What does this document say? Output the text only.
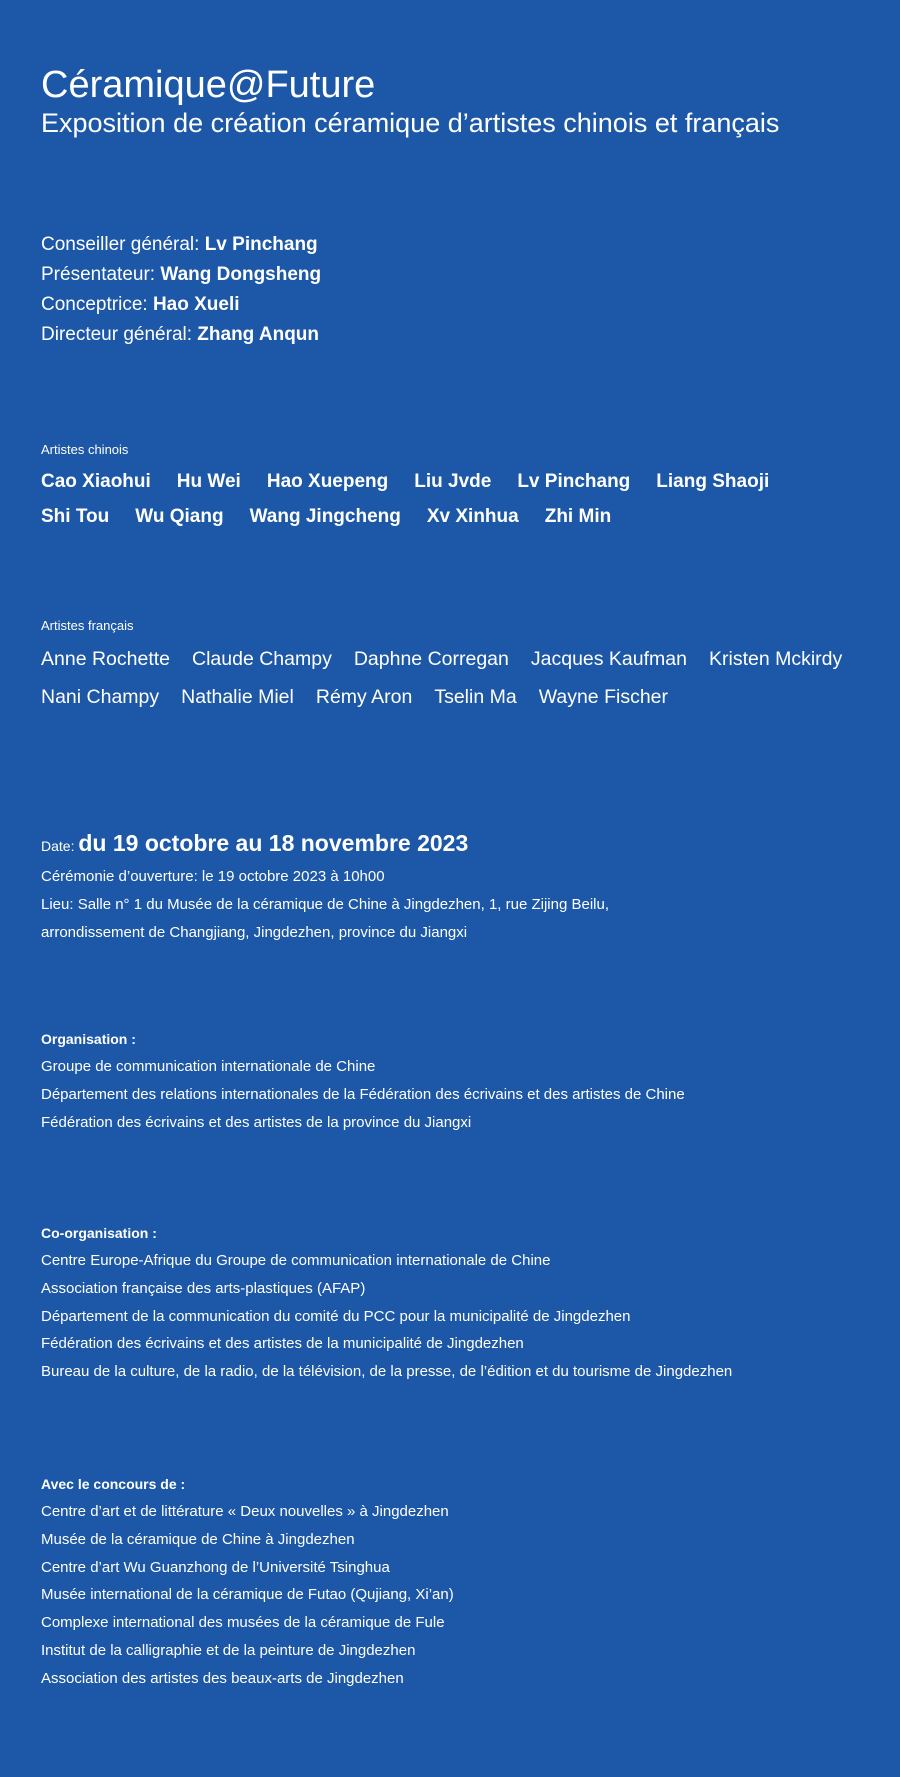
Céramique@Future
Exposition de création céramique d’artistes chinois et français
Conseiller général: Lv Pinchang
Présentateur: Wang Dongsheng
Conceptrice: Hao Xueli
Directeur général: Zhang Anqun
Artistes chinois
Cao Xiaohui Hu Wei Hao Xuepeng Liu Jvde Lv Pinchang Liang Shaoji
Shi Tou Wu Qiang Wang Jingcheng Xv Xinhua Zhi Min
Artistes français
Anne Rochette Claude Champy Daphne Corregan Jacques Kaufman Kristen Mckirdy
Nani Champy Nathalie Miel Rémy Aron Tselin Ma Wayne Fischer
Date: du 19 octobre au 18 novembre 2023
Cérémonie d’ouverture: le 19 octobre 2023 à 10h00
Lieu: Salle n° 1 du Musée de la céramique de Chine à Jingdezhen, 1, rue Zijing Beilu,
arrondissement de Changjiang, Jingdezhen, province du Jiangxi
Organisation :
Groupe de communication internationale de Chine
Département des relations internationales de la Fédération des écrivains et des artistes de Chine
Fédération des écrivains et des artistes de la province du Jiangxi
Co-organisation :
Centre Europe-Afrique du Groupe de communication internationale de Chine
Association française des arts-plastiques (AFAP)
Département de la communication du comité du PCC pour la municipalité de Jingdezhen
Fédération des écrivains et des artistes de la municipalité de Jingdezhen
Bureau de la culture, de la radio, de la télévision, de la presse, de l’édition et du tourisme de Jingdezhen
Avec le concours de :
Centre d’art et de littérature « Deux nouvelles » à Jingdezhen
Musée de la céramique de Chine à Jingdezhen
Centre d’art Wu Guanzhong de l’Université Tsinghua
Musée international de la céramique de Futao (Qujiang, Xi’an)
Complexe international des musées de la céramique de Fule
Institut de la calligraphie et de la peinture de Jingdezhen
Association des artistes des beaux-arts de Jingdezhen
